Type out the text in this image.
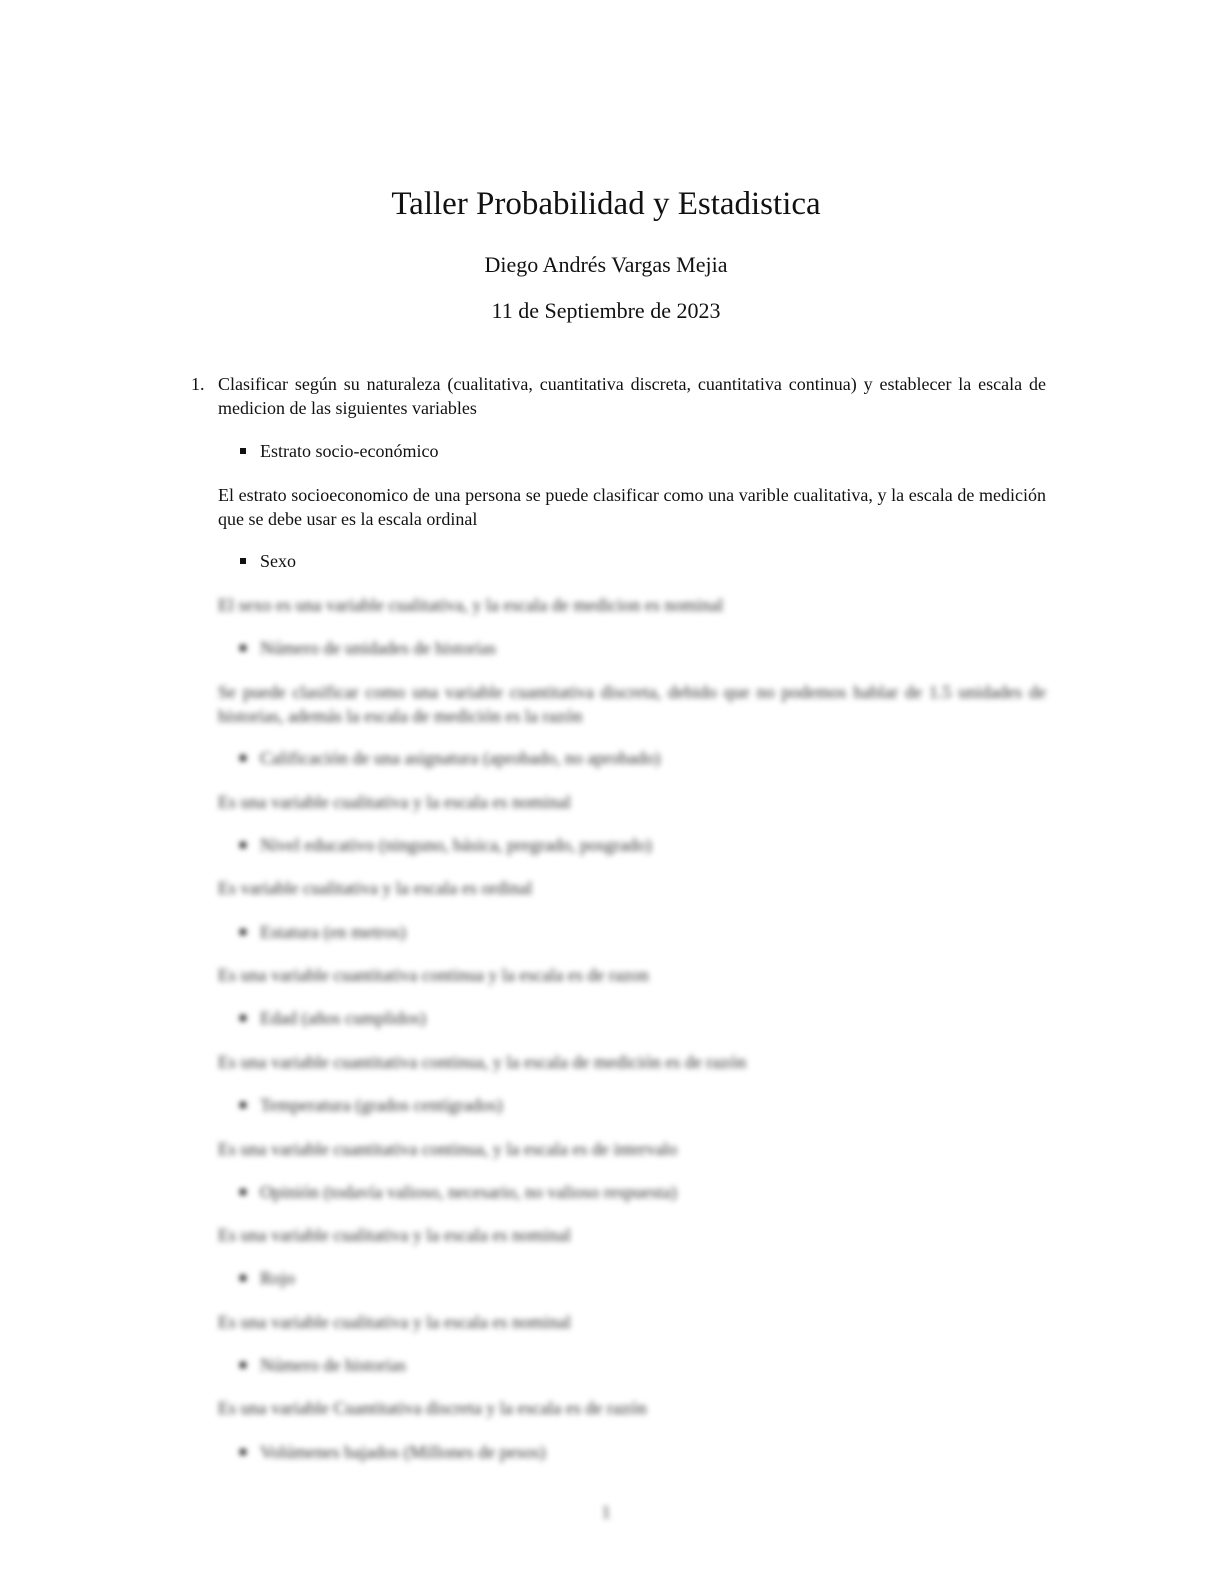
Taller Probabilidad y Estadistica
Diego Andrés Vargas Mejia
11 de Septiembre de 2023
1. Clasificar según su naturaleza (cualitativa, cuantitativa discreta, cuantitativa continua) y establecer la escala de medicion de las siguientes variables
Estrato socio-económico
El estrato socioeconomico de una persona se puede clasificar como una varible cualitativa, y la escala de medición que se debe usar es la escala ordinal
Sexo
El sexo es una variable cualitativa, y la escala de medicion es nominal
Número de unidades de historias
Se puede clasificar como una variable cuantitativa discreta, debido que no podemos hablar de 1.5 unidades de historias, además la escala de medición es la razón
Calificación de una asignatura (aprobado, no aprobado)
Es una variable cualitativa y la escala es nominal
Nivel educativo (ninguno, básica, pregrado, posgrado)
Es variable cualitativa y la escala es ordinal
Estatura (en metros)
Es una variable cuantitativa continua y la escala es de razon
Edad (años cumplidos)
Es una variable cuantitativa continua, y la escala de medición es de razón
Temperatura (grados centígrados)
Es una variable cuantitativa continua, y la escala es de intervalo
Opinión (todavía valioso, necesario, no valioso respuesta)
Es una variable cualitativa y la escala es nominal
Rojo
Es una variable cualitativa y la escala es nominal
Número de historias
Es una variable Cuantitativa discreta y la escala es de razón
Volúmenes bajados (Millones de pesos)
1
